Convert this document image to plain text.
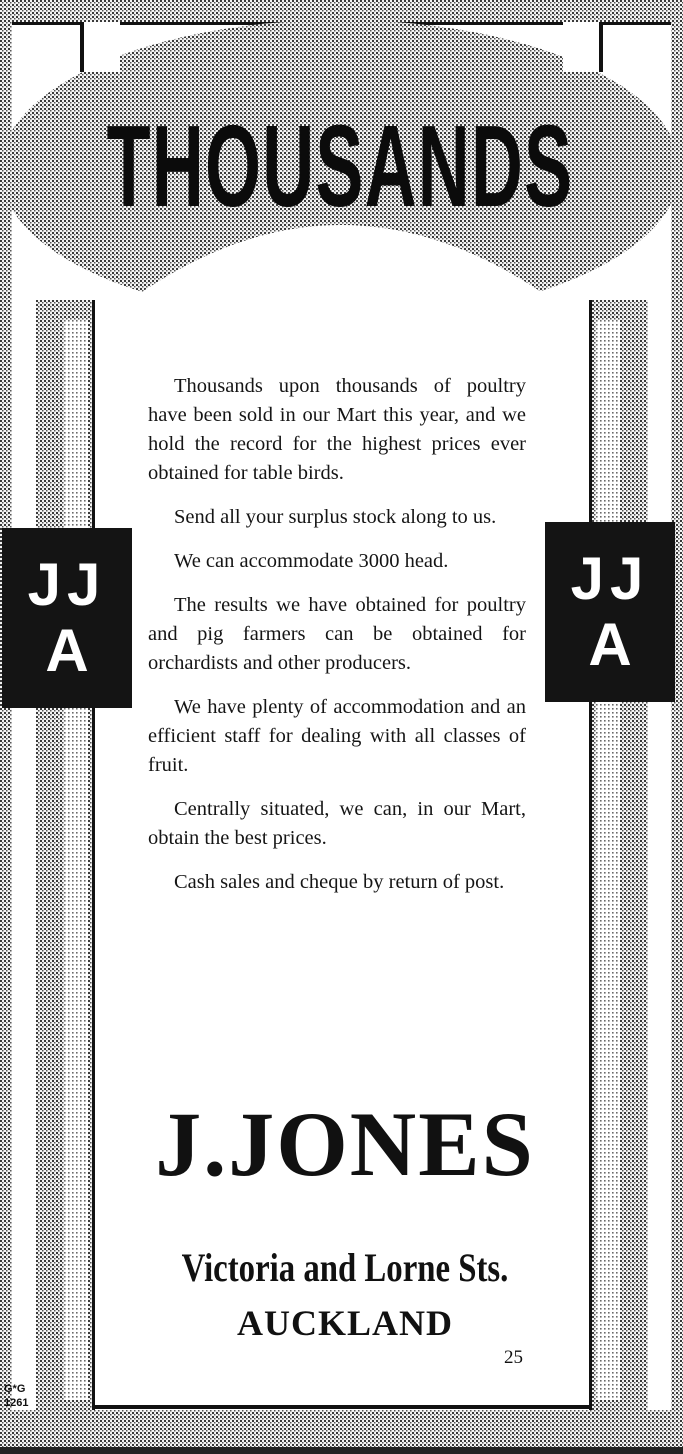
THOUSANDS
JJ
A
JJ
A

Thousands upon thousands of poultry have been sold in our Mart this year, and we hold the record for the highest prices ever obtained for table birds.

Send all your surplus stock along to us.

We can accommodate 3000 head.

The results we have obtained for poultry and pig farmers can be obtained for orchardists and other producers.

We have plenty of accommodation and an efficient staff for dealing with all classes of fruit.

Centrally situated, we can, in our Mart, obtain the best prices.

Cash sales and cheque by return of post.

J.JONES
Victoria and Lorne Sts.
AUCKLAND
25
G*G
1261
